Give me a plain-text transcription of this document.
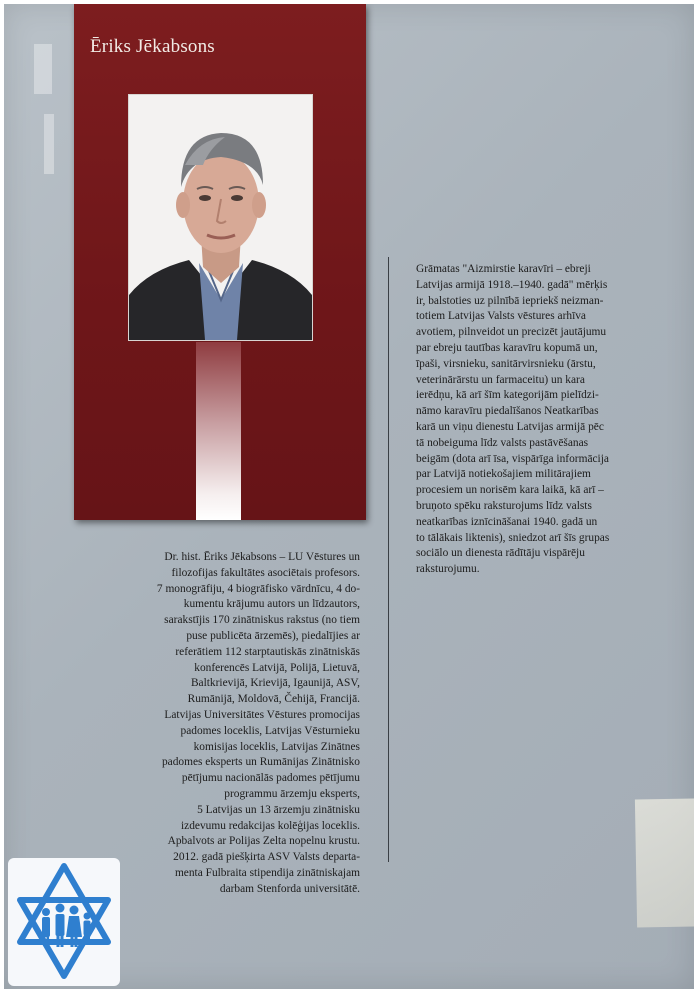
Ēriks Jēkabsons
Grāmatas "Aizmirstie karavīri – ebreji
Latvijas armijā 1918.–1940. gadā" mērķis
ir, balstoties uz pilnībā iepriekš neizman-
totiem Latvijas Valsts vēstures arhīva
avotiem, pilnveidot un precizēt jautājumu
par ebreju tautības karavīru kopumā un,
īpaši, virsnieku, sanitārvirsnieku (ārstu,
veterinārārstu un farmaceitu) un kara
ierēdņu, kā arī šīm kategorijām pielīdzi-
nāmo karavīru piedalīšanos Neatkarības
karā un viņu dienestu Latvijas armijā pēc
tā nobeiguma līdz valsts pastāvēšanas
beigām (dota arī īsa, vispārīga informācija
par Latvijā notiekošajiem militārajiem
procesiem un norisēm kara laikā, kā arī –
bruņoto spēku raksturojums līdz valsts
neatkarības iznīcināšanai 1940. gadā un
to tālākais liktenis), sniedzot arī šīs grupas
sociālo un dienesta rādītāju vispārēju
raksturojumu.
Dr. hist. Ēriks Jēkabsons – LU Vēstures un
filozofijas fakultātes asociētais profesors.
7 monogrāfiju, 4 biogrāfisko vārdnīcu, 4 do-
kumentu krājumu autors un līdzautors,
sarakstījis 170 zinātniskus rakstus (no tiem
puse publicēta ārzemēs), piedalījies ar
referātiem 112 starptautiskās zinātniskās
konferencēs Latvijā, Polijā, Lietuvā,
Baltkrievijā, Krievijā, Igaunijā, ASV,
Rumānijā, Moldovā, Čehijā, Francijā.
Latvijas Universitātes Vēstures promocijas
padomes loceklis, Latvijas Vēsturnieku
komisijas loceklis, Latvijas Zinātnes
padomes eksperts un Rumānijas Zinātnisko
pētījumu nacionālās padomes pētījumu
programmu ārzemju eksperts,
5 Latvijas un 13 ārzemju zinātnisku
izdevumu redakcijas kolēģijas loceklis.
Apbalvots ar Polijas Zelta nopelnu krustu.
2012. gadā piešķirta ASV Valsts departa-
menta Fulbraita stipendija zinātniskajam
darbam Stenforda universitātē.
